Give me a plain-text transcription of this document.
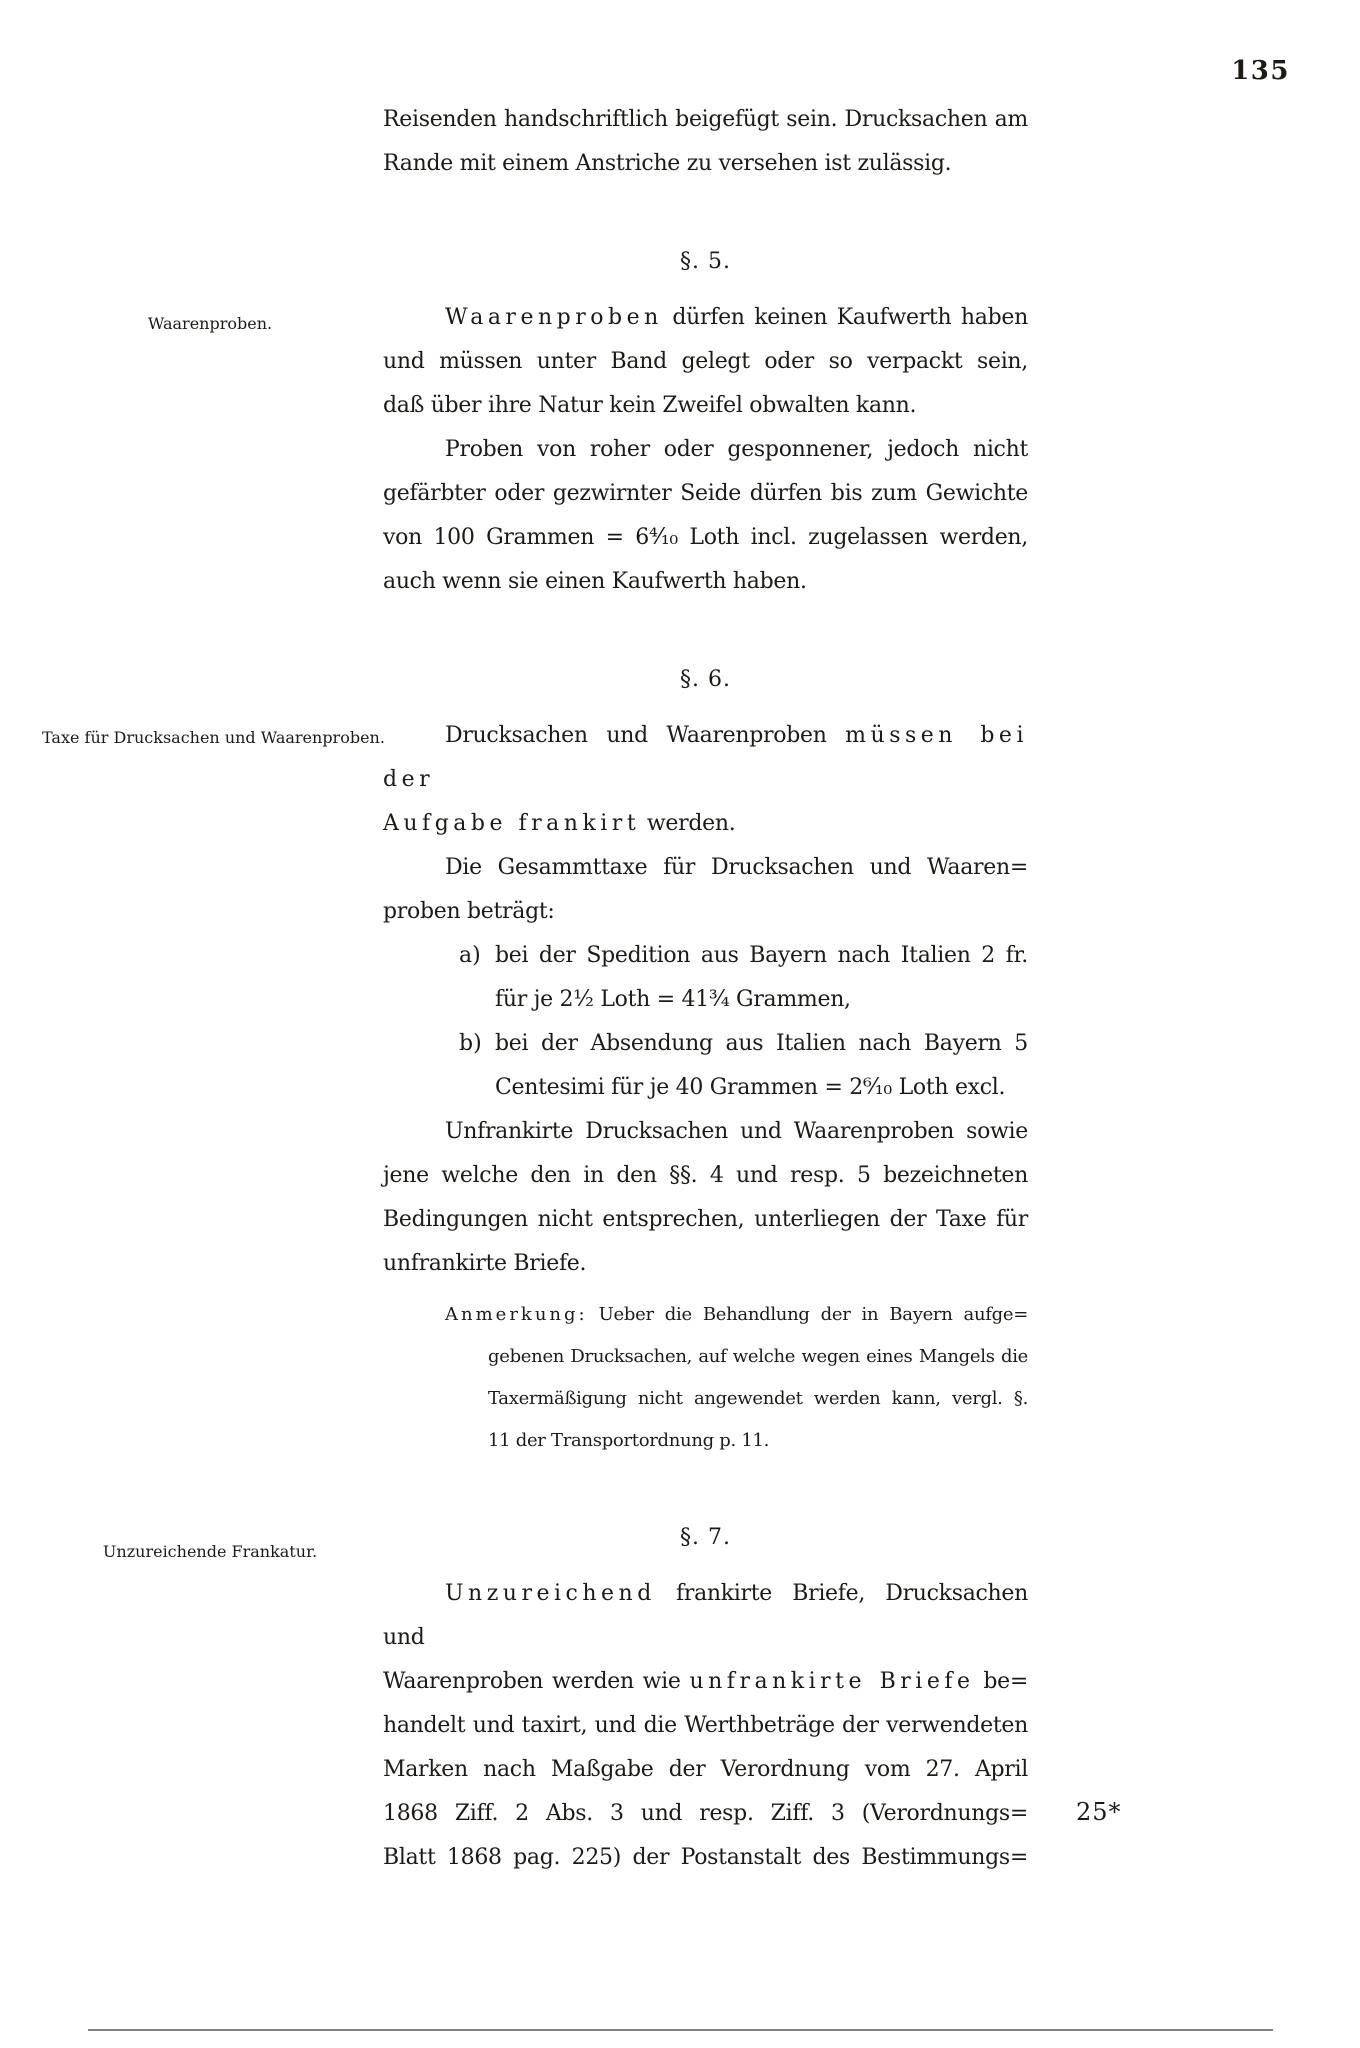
135
Waarenproben.
Taxe für Drucksachen und Waarenproben.
Unzureichende Frankatur.
Reisenden handschriftlich beigefügt sein. Drucksachen am
Rande mit einem Anstriche zu versehen ist zulässig.
§. 5.
Waarenproben dürfen keinen Kaufwerth haben
und müssen unter Band gelegt oder so verpackt sein,
daß über ihre Natur kein Zweifel obwalten kann.
Proben von roher oder gesponnener, jedoch nicht
gefärbter oder gezwirnter Seide dürfen bis zum Gewichte
von 100 Grammen = 6⁴⁄₁₀ Loth incl. zugelassen werden,
auch wenn sie einen Kaufwerth haben.
§. 6.
Drucksachen und Waarenproben müssen bei der
Aufgabe frankirt werden.
Die Gesammttaxe für Drucksachen und Waaren=
proben beträgt:
a) bei der Spedition aus Bayern nach Italien 2 fr.
für je 2¹⁄₂ Loth = 41³⁄₄ Grammen,
b) bei der Absendung aus Italien nach Bayern 5
Centesimi für je 40 Grammen = 2⁶⁄₁₀ Loth excl.
Unfrankirte Drucksachen und Waarenproben sowie
jene welche den in den §§. 4 und resp. 5 bezeichneten
Bedingungen nicht entsprechen, unterliegen der Taxe für
unfrankirte Briefe.
Anmerkung: Ueber die Behandlung der in Bayern aufge=
gebenen Drucksachen, auf welche wegen eines Mangels die
Taxermäßigung nicht angewendet werden kann, vergl. §.
11 der Transportordnung p. 11.
§. 7.
Unzureichend frankirte Briefe, Drucksachen und
Waarenproben werden wie unfrankirte Briefe be=
handelt und taxirt, und die Werthbeträge der verwendeten
Marken nach Maßgabe der Verordnung vom 27. April
1868 Ziff. 2 Abs. 3 und resp. Ziff. 3 (Verordnungs=
Blatt 1868 pag. 225) der Postanstalt des Bestimmungs=
25*
